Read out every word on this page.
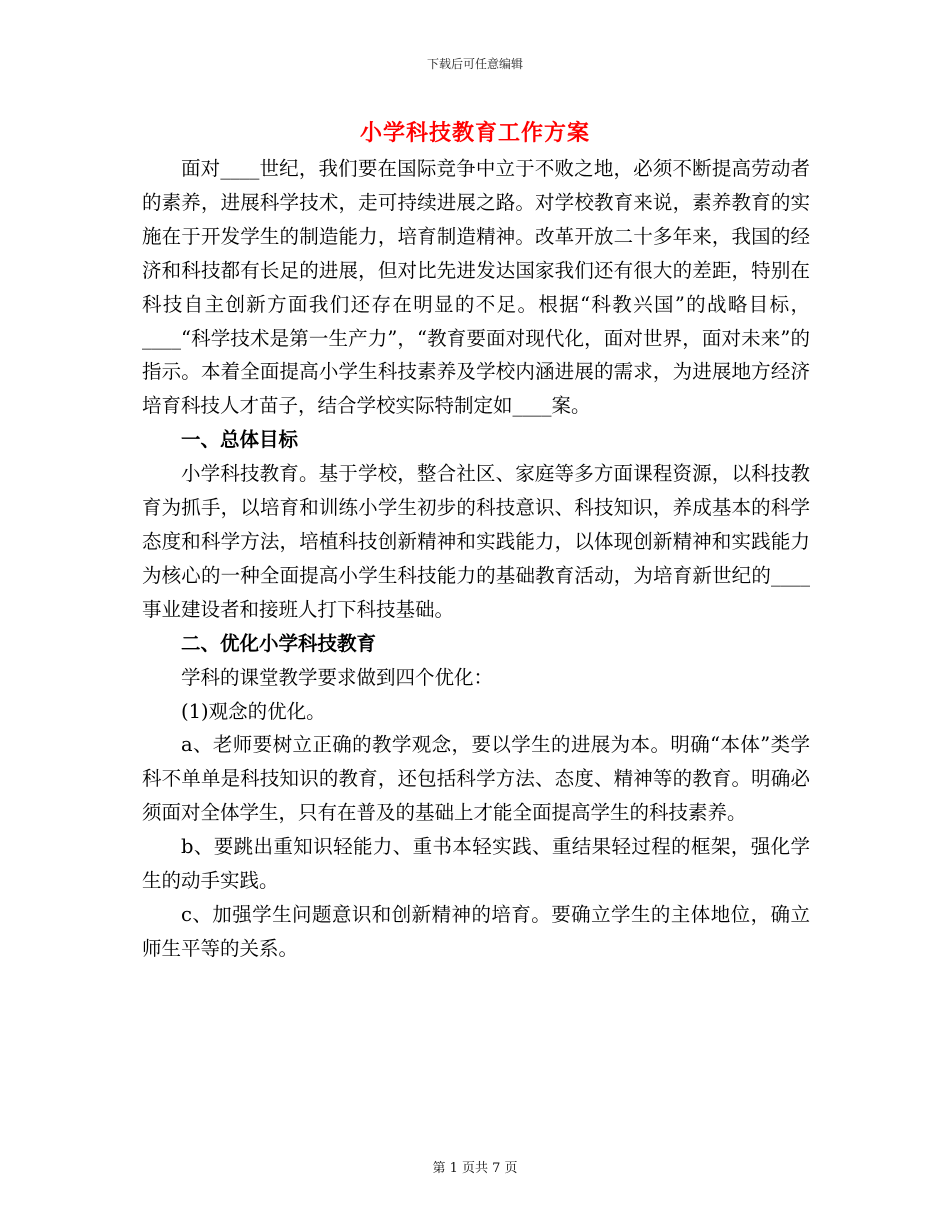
下载后可任意编辑
小学科技教育工作方案

面对____世纪，我们要在国际竞争中立于不败之地，必须不断提高劳动者的素养，进展科学技术，走可持续进展之路。对学校教育来说，素养教育的实施在于开发学生的制造能力，培育制造精神。改革开放二十多年来，我国的经济和科技都有长足的进展，但对比先进发达国家我们还有很大的差距，特别在科技自主创新方面我们还存在明显的不足。根据“科教兴国”的战略目标，____“科学技术是第一生产力”，“教育要面对现代化，面对世界，面对未来”的指示。本着全面提高小学生科技素养及学校内涵进展的需求，为进展地方经济培育科技人才苗子，结合学校实际特制定如____案。

一、总体目标

小学科技教育。基于学校，整合社区、家庭等多方面课程资源，以科技教育为抓手，以培育和训练小学生初步的科技意识、科技知识，养成基本的科学态度和科学方法，培植科技创新精神和实践能力，以体现创新精神和实践能力为核心的一种全面提高小学生科技能力的基础教育活动，为培育新世纪的____事业建设者和接班人打下科技基础。

二、优化小学科技教育

学科的课堂教学要求做到四个优化：

(1)观念的优化。

a、老师要树立正确的教学观念，要以学生的进展为本。明确“本体”类学科不单单是科技知识的教育，还包括科学方法、态度、精神等的教育。明确必须面对全体学生，只有在普及的基础上才能全面提高学生的科技素养。

b、要跳出重知识轻能力、重书本轻实践、重结果轻过程的框架，强化学生的动手实践。

c、加强学生问题意识和创新精神的培育。要确立学生的主体地位，确立师生平等的关系。

第 1 页共 7 页
